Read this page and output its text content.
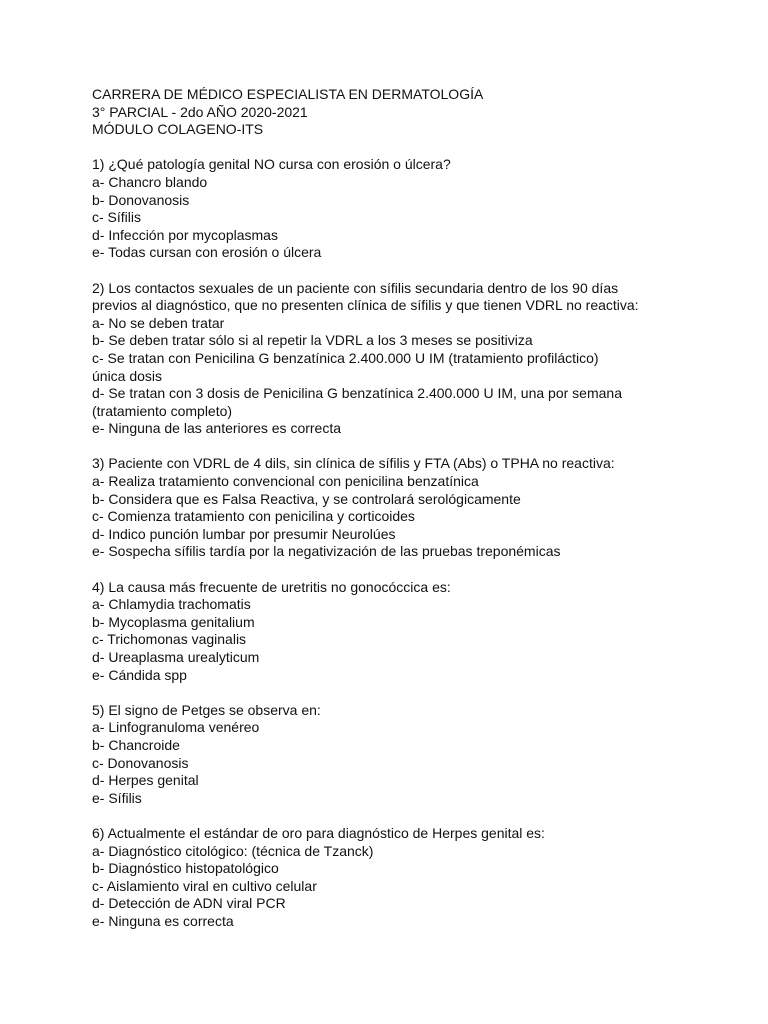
CARRERA DE MÉDICO ESPECIALISTA EN DERMATOLOGÍA

3° PARCIAL - 2do AÑO 2020-2021

MÓDULO COLAGENO-ITS

1) ¿Qué patología genital NO cursa con erosión o úlcera?

a- Chancro blando

b- Donovanosis

c- Sífilis

d- Infección por mycoplasmas

e- Todas cursan con erosión o úlcera

2) Los contactos sexuales de un paciente con sífilis secundaria dentro de los 90 días

previos al diagnóstico, que no presenten clínica de sífilis y que tienen VDRL no reactiva:

a- No se deben tratar

b- Se deben tratar sólo si al repetir la VDRL a los 3 meses se positiviza

c- Se tratan con Penicilina G benzatínica 2.400.000 U IM (tratamiento profiláctico)

única dosis

d- Se tratan con 3 dosis de Penicilina G benzatínica 2.400.000 U IM, una por semana

(tratamiento completo)

e- Ninguna de las anteriores es correcta

3) Paciente con VDRL de 4 dils, sin clínica de sífilis y FTA (Abs) o TPHA no reactiva:

a- Realiza tratamiento convencional con penicilina benzatínica

b- Considera que es Falsa Reactiva, y se controlará serológicamente

c- Comienza tratamiento con penicilina y corticoides

d- Indico punción lumbar por presumir Neurolúes

e- Sospecha sífilis tardía por la negativización de las pruebas treponémicas

4) La causa más frecuente de uretritis no gonocóccica es:

a- Chlamydia trachomatis

b- Mycoplasma genitalium

c- Trichomonas vaginalis

d- Ureaplasma urealyticum

e- Cándida spp

5) El signo de Petges se observa en:

a- Linfogranuloma venéreo

b- Chancroide

c- Donovanosis

d- Herpes genital

e- Sífilis

6) Actualmente el estándar de oro para diagnóstico de Herpes genital es:

a- Diagnóstico citológico: (técnica de Tzanck)

b- Diagnóstico histopatológico

c- Aislamiento viral en cultivo celular

d- Detección de ADN viral PCR

e- Ninguna es correcta
